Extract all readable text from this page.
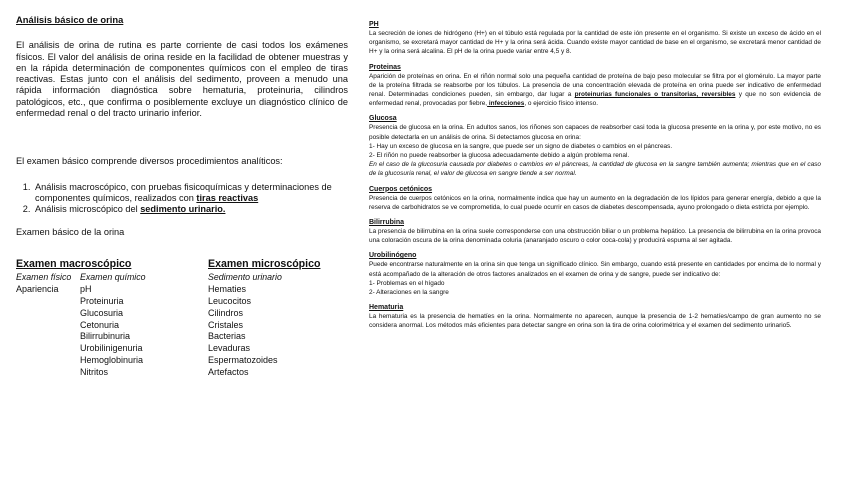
Análisis básico de orina

El análisis de orina de rutina es parte corriente de casi todos los exámenes físicos. El valor del análisis de orina reside en la facilidad de obtener muestras y en la rápida determinación de componentes químicos con el empleo de tiras reactivas. Estas junto con el análisis del sedimento, proveen a menudo una rápida información diagnóstica sobre hematuria, proteinuria, cilindros patológicos, etc., que confirma o posiblemente excluye un diagnóstico clínico de enfermedad renal o del tracto urinario inferior.

El examen básico comprende diversos procedimientos analíticos:

1. Análisis macroscópico, con pruebas fisicoquímicas y determinaciones de componentes químicos, realizados con tiras reactivas
2. Análisis microscópico del sedimento urinario.

Examen básico de la orina

Examen macroscópico	Examen microscópico
Examen físico Examen químico	Sedimento urinario
Apariencia pH
Proteinuria
Glucosuria
Cetonuria
Bilirrubinuria
Urobilinigenuria
Hemoglobinuria
Nitritos
Hematies
Leucocitos
Cilindros
Cristales
Bacterias
Levaduras
Espermatozoides
Artefactos
PH

La secreción de iones de hidrógeno (H+) en el túbulo está regulada por la cantidad de este ión presente en el organismo. Si existe un exceso de ácido en el organismo, se excretará mayor cantidad de H+ y la orina será ácida. Cuando existe mayor cantidad de base en el organismo, se excretará menor cantidad de H+ y la orina será alcalina. El pH de la orina puede variar entre 4,5 y 8.

Proteinas

Aparición de proteínas en orina. En el riñón normal solo una pequeña cantidad de proteína de bajo peso molecular se filtra por el glomérulo. La mayor parte de la proteína filtrada se reabsorbe por los túbulos. La presencia de una concentración elevada de proteína en orina puede ser indicativo de enfermedad renal. Determinadas condiciones pueden, sin embargo, dar lugar a proteinurias funcionales o transitorias, reversibles y que no son evidencia de enfermedad renal, provocadas por fiebre, infecciones, o ejercicio físico intenso.

Glucosa

Presencia de glucosa en la orina. En adultos sanos, los riñones son capaces de reabsorber casi toda la glucosa presente en la orina y, por este motivo, no es posible detectarla en un análisis de orina. Si detectamos glucosa en orina:

1- Hay un exceso de glucosa en la sangre, que puede ser un signo de diabetes o cambios en el páncreas.

2- El riñón no puede reabsorber la glucosa adecuadamente debido a algún problema renal.

En el caso de la glucosuria causada por diabetes o cambios en el páncreas, la cantidad de glucosa en la sangre también aumenta; mientras que en el caso de la glucosuria renal, el valor de glucosa en sangre tiende a ser normal.

Cuerpos cetónicos

Presencia de cuerpos cetónicos en la orina, normalmente indica que hay un aumento en la degradación de los lípidos para generar energía, debido a que la reserva de carbohidratos se ve comprometida, lo cual puede ocurrir en casos de diabetes descompensada, ayuno prolongado o dieta estricta por ejemplo.

Bilirrubina

La presencia de bilirrubina en la orina suele corresponderse con una obstrucción biliar o un problema hepático. La presencia de bilirrubina en la orina provoca una coloración oscura de la orina denominada coluria (anaranjado oscuro o color coca-cola) y producirá espuma al ser agitada.

Urobilinógeno

Puede encontrarse naturalmente en la orina sin que tenga un significado clínico. Sin embargo, cuando está presente en cantidades por encima de lo normal y está acompañado de la alteración de otros factores analizados en el examen de orina y de sangre, puede ser indicativo de:

1- Problemas en el hígado

2- Alteraciones en la sangre

Hematuria

La hematuria es la presencia de hematíes en la orina. Normalmente no aparecen, aunque la presencia de 1-2 hematíes/campo de gran aumento no se considera anormal. Los métodos más eficientes para detectar sangre en orina son la tira de orina colorimétrica y el examen del sedimento urinario5.
